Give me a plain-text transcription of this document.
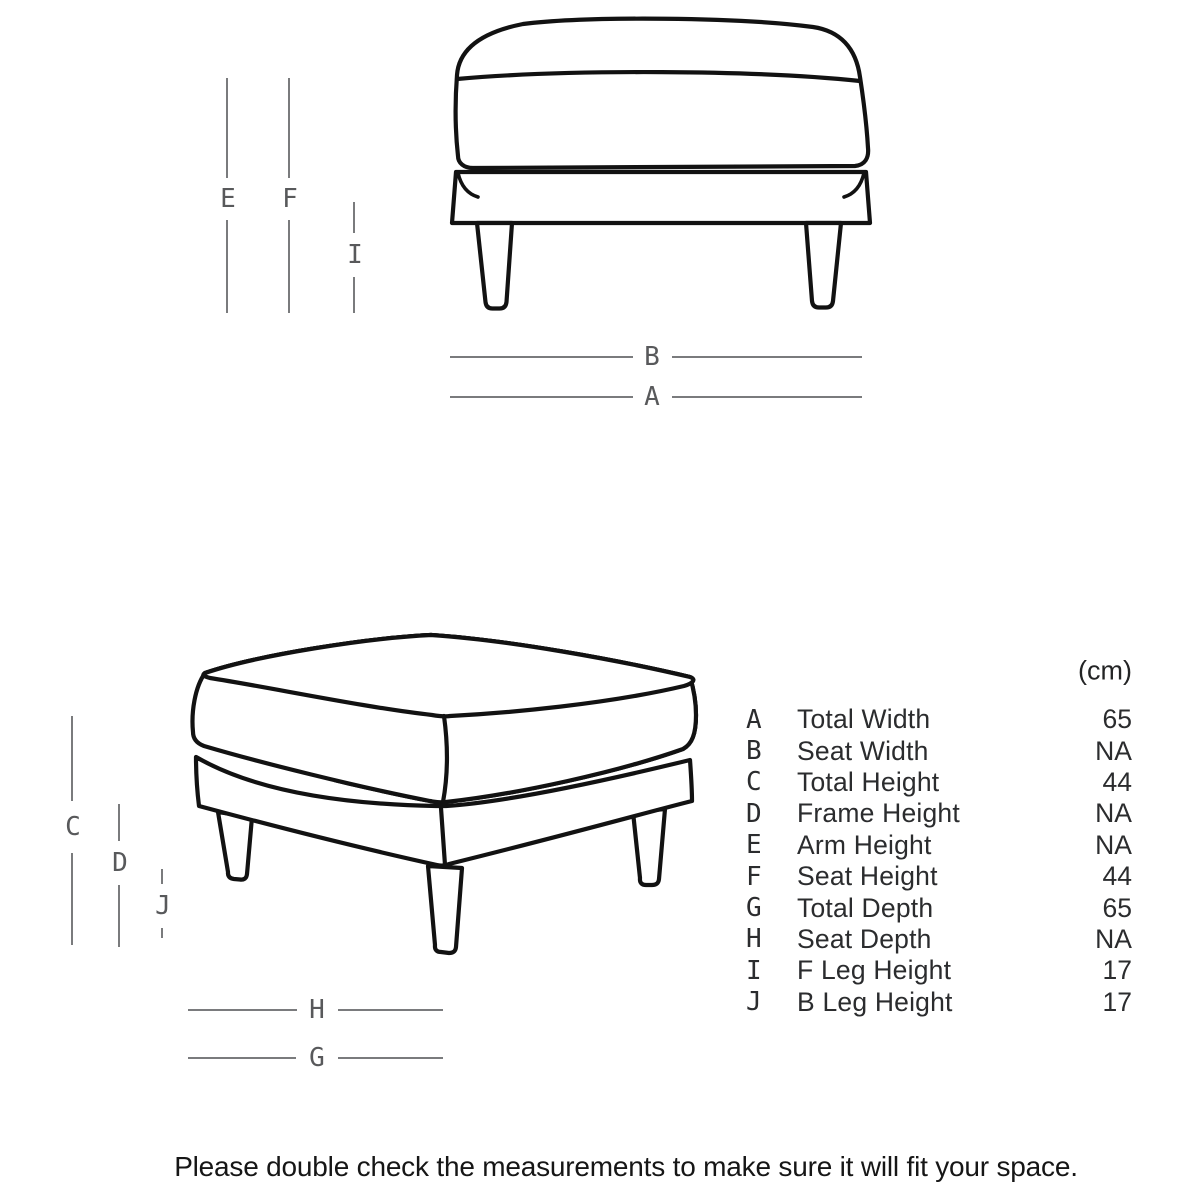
E F
I
B
A
C
D
J
H
G
(cm)
A	Total Width	65
B	Seat Width	NA
C	Total Height	44
D	Frame Height	NA
E	Arm Height	NA
F	Seat Height	44
G	Total Depth	65
H	Seat Depth	NA
I	F Leg Height	17
J	B Leg Height	17
Please double check the measurements to make sure it will fit your space.
